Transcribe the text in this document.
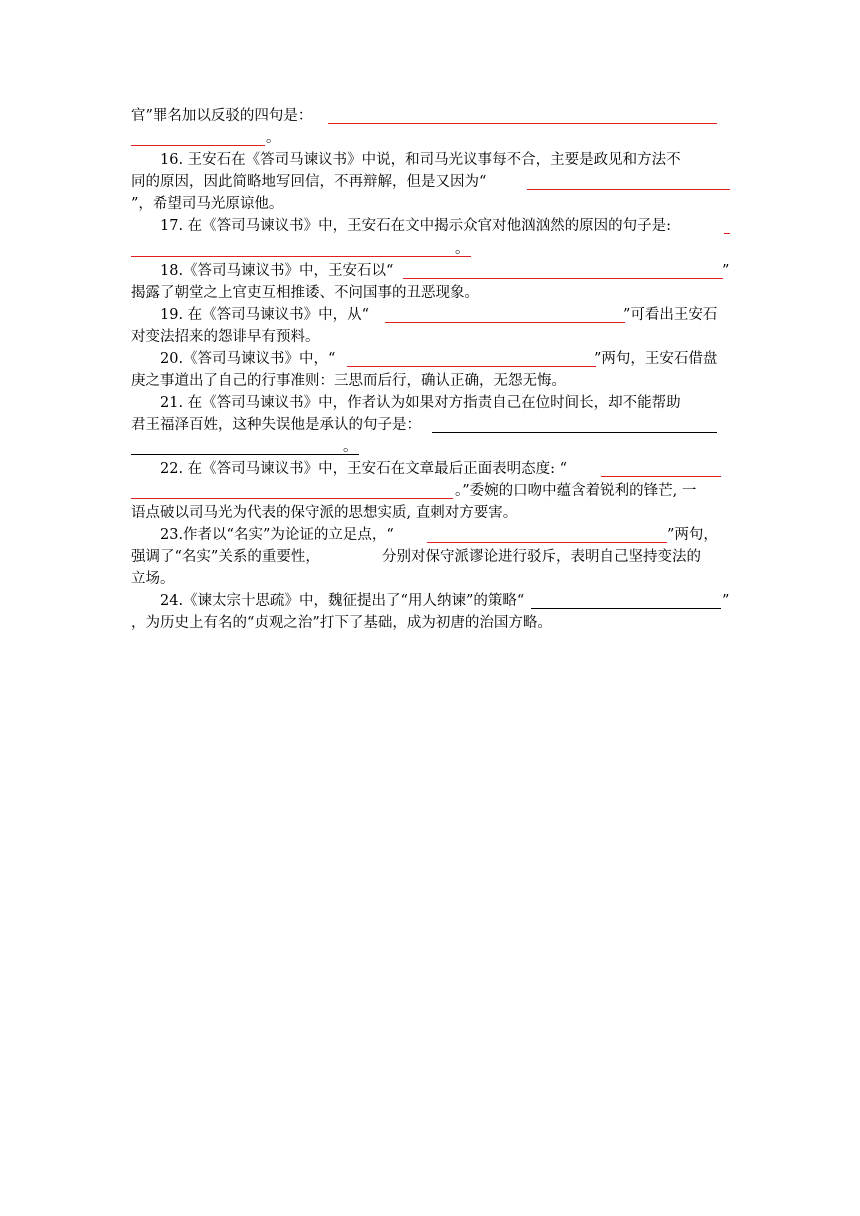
官”罪名加以反驳的四句是：
。
16. 王安石在《答司马谏议书》中说，和司马光议事每不合，主要是政见和方法不
同的原因，因此简略地写回信，不再辩解，但是又因为“
”，希望司马光原谅他。
17. 在《答司马谏议书》中，王安石在文中揭示众官对他汹汹然的原因的句子是:
。
18.《答司马谏议书》中，王安石以“	”
揭露了朝堂之上官吏互相推诿、不问国事的丑恶现象。
19. 在《答司马谏议书》中，从“	”可看出王安石
对变法招来的怨诽早有预料。
20.《答司马谏议书》中，“	”两句，王安石借盘
庚之事道出了自己的行事准则：三思而后行，确认正确，无怨无悔。
21. 在《答司马谏议书》中，作者认为如果对方指责自己在位时间长，却不能帮助
君王福泽百姓，这种失误他是承认的句子是：
。
22. 在《答司马谏议书》中，王安石在文章最后正面表明态度: “
。”委婉的口吻中蕴含着锐利的锋芒, 一
语点破以司马光为代表的保守派的思想实质, 直刺对方要害。
23.作者以“名实”为论证的立足点，“	”两句，
强调了“名实”关系的重要性，	分别对保守派谬论进行驳斥，表明自己坚持变法的
立场。
24.《谏太宗十思疏》中，魏征提出了“用人纳谏”的策略“	”
，为历史上有名的“贞观之治”打下了基础，成为初唐的治国方略。
